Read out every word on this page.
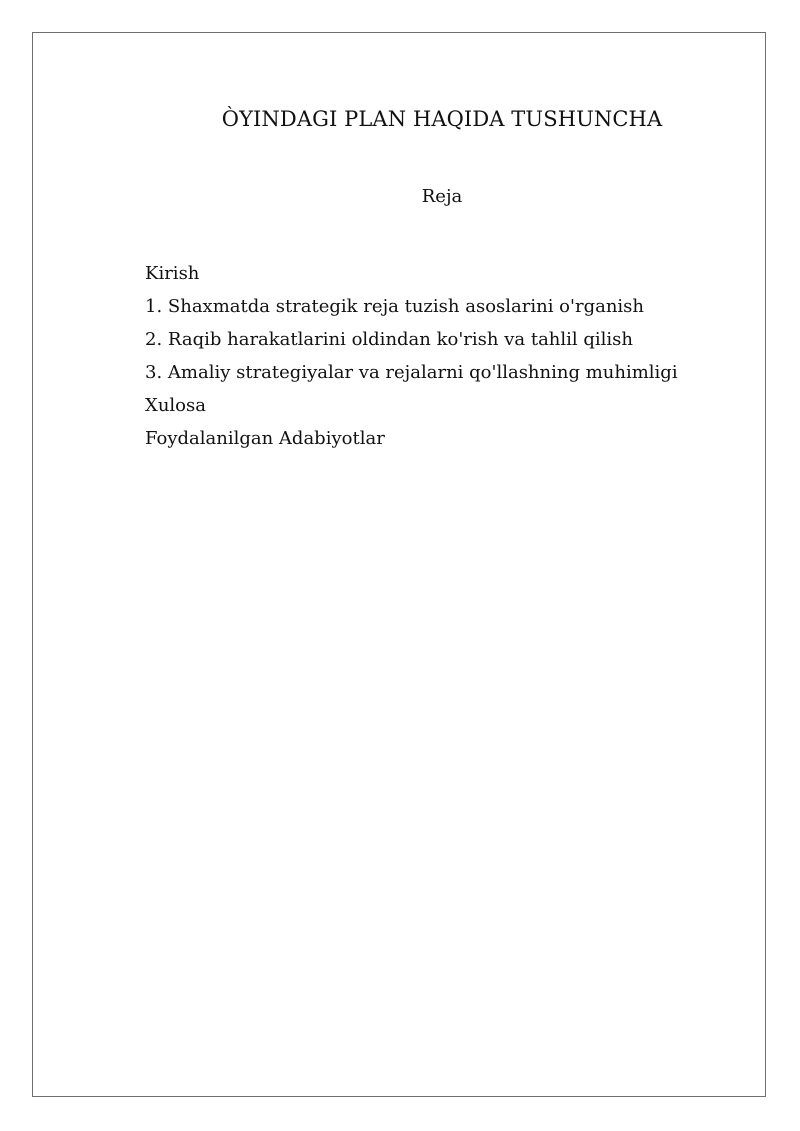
ÒYINDAGI PLAN HAQIDA TUSHUNCHA
Reja
Kirish
1. Shaxmatda strategik reja tuzish asoslarini o'rganish
2. Raqib harakatlarini oldindan ko'rish va tahlil qilish
3. Amaliy strategiyalar va rejalarni qo'llashning muhimligi
Xulosa
Foydalanilgan Adabiyotlar
